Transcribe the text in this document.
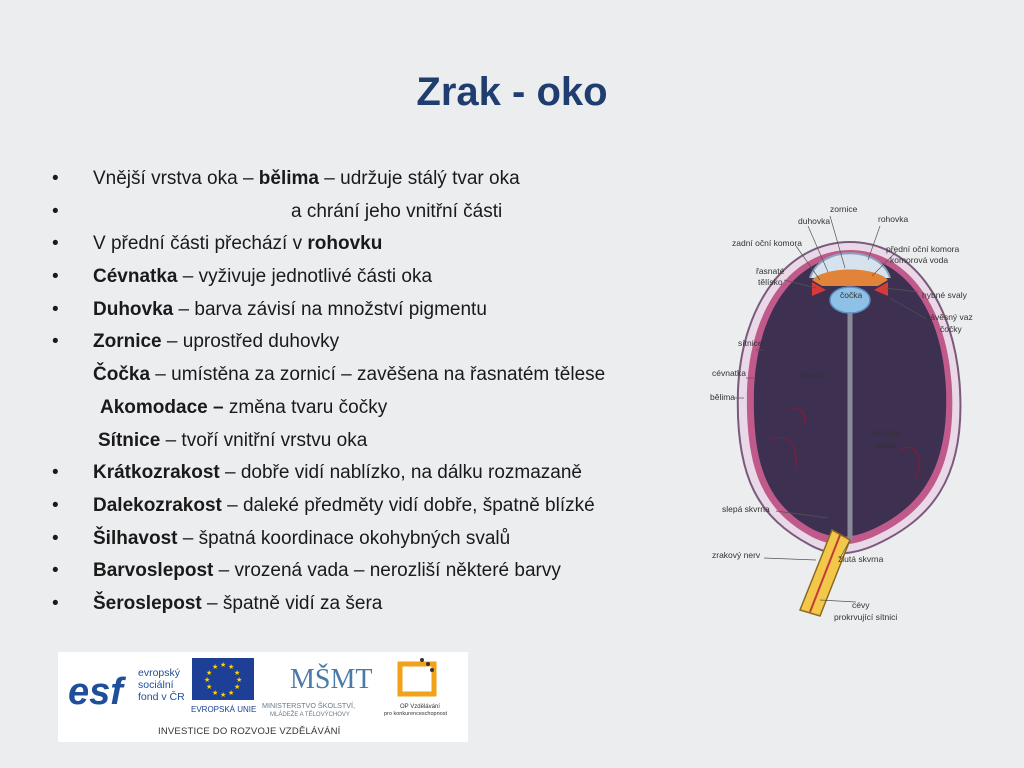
Zrak - oko
•	Vnější vrstva oka – bělima – udržuje stálý tvar oka
•	a chrání jeho vnitřní části
•	V přední části přechází v rohovku
•	Cévnatka – vyživuje jednotlivé části oka
•	Duhovka – barva závisí na množství pigmentu
•	Zornice – uprostřed duhovky
Čočka – umístěna za zornicí – zavěšena na řasnatém tělese
Akomodace – změna tvaru čočky
Sítnice – tvoří vnitřní vrstvu oka
•	Krátkozrakost – dobře vidí nablízko, na dálku rozmazaně
•	Dalekozrakost – daleké předměty vidí dobře, špatně blízké
•	Šilhavost – špatná koordinace okohybných svalů
•	Barvoslepost – vrozená vada – nerozliší některé barvy
•	Šeroslepost – špatně vidí za šera
zornice
duhovka	rohovka
zadní oční komora
přední oční komora
komorová voda
řasnaté
tělísko
čočka	hybné svaly
závěsný vaz
čočky
sítnice
cévnatka	sklivec
bělima
sklovitý
kanál
slepá skvrna
zrakový nerv	žlutá skvrna
cévy
prokrvující sítnici
esf	evropský
sociální
fond v ČR
★ ★
★
★
★
★
★
★
★
★
★
★
EVROPSKÁ UNIE
MŠMT
MINISTERSTVO ŠKOLSTVÍ,
MLÁDEŽE A TĚLOVÝCHOVY
OP Vzdělávání
pro konkurenceschopnost
INVESTICE DO ROZVOJE VZDĚLÁVÁNÍ
